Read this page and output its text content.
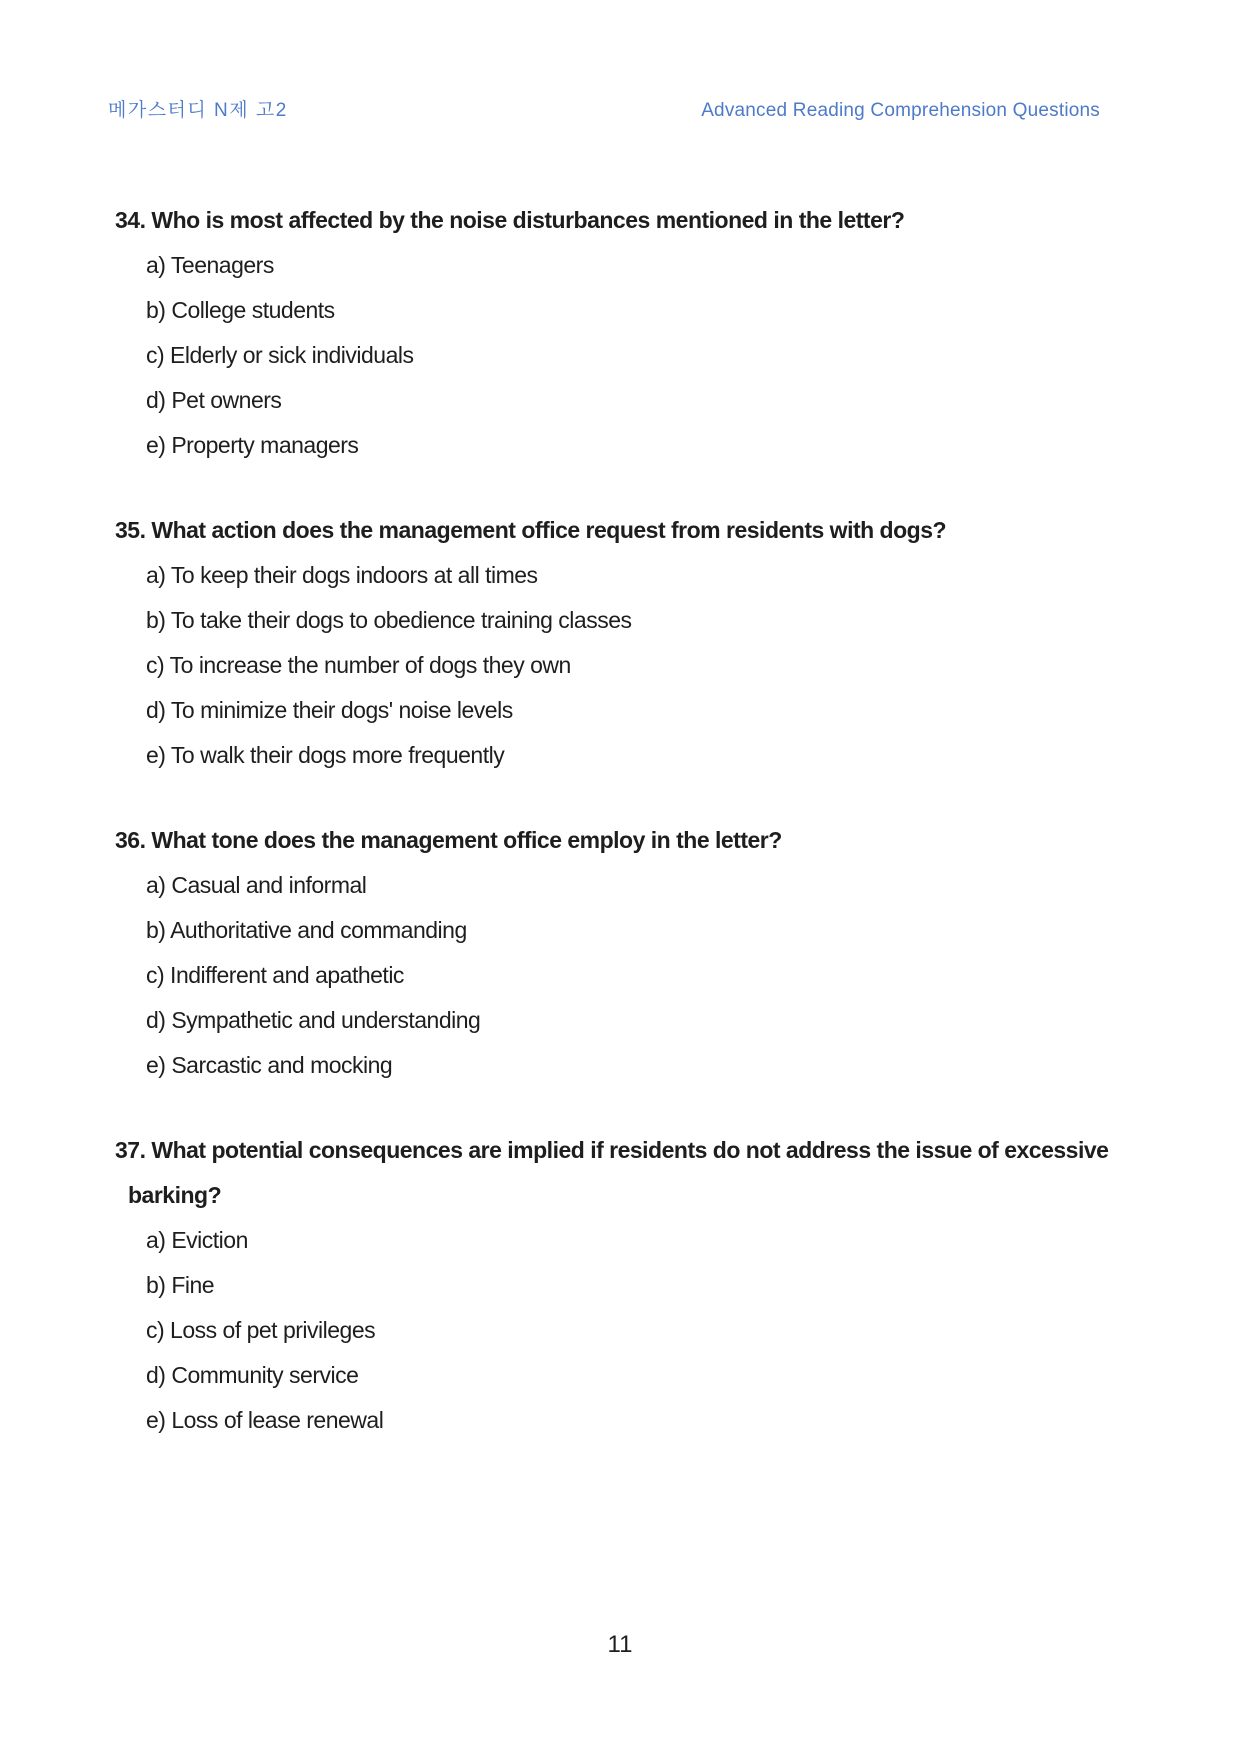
메가스터디 N제 고2	Advanced Reading Comprehension Questions
34. Who is most affected by the noise disturbances mentioned in the letter?
a) Teenagers
b) College students
c) Elderly or sick individuals
d) Pet owners
e) Property managers
35. What action does the management office request from residents with dogs?
a) To keep their dogs indoors at all times
b) To take their dogs to obedience training classes
c) To increase the number of dogs they own
d) To minimize their dogs' noise levels
e) To walk their dogs more frequently
36. What tone does the management office employ in the letter?
a) Casual and informal
b) Authoritative and commanding
c) Indifferent and apathetic
d) Sympathetic and understanding
e) Sarcastic and mocking
37. What potential consequences are implied if residents do not address the issue of excessive
barking?
a) Eviction
b) Fine
c) Loss of pet privileges
d) Community service
e) Loss of lease renewal
11
